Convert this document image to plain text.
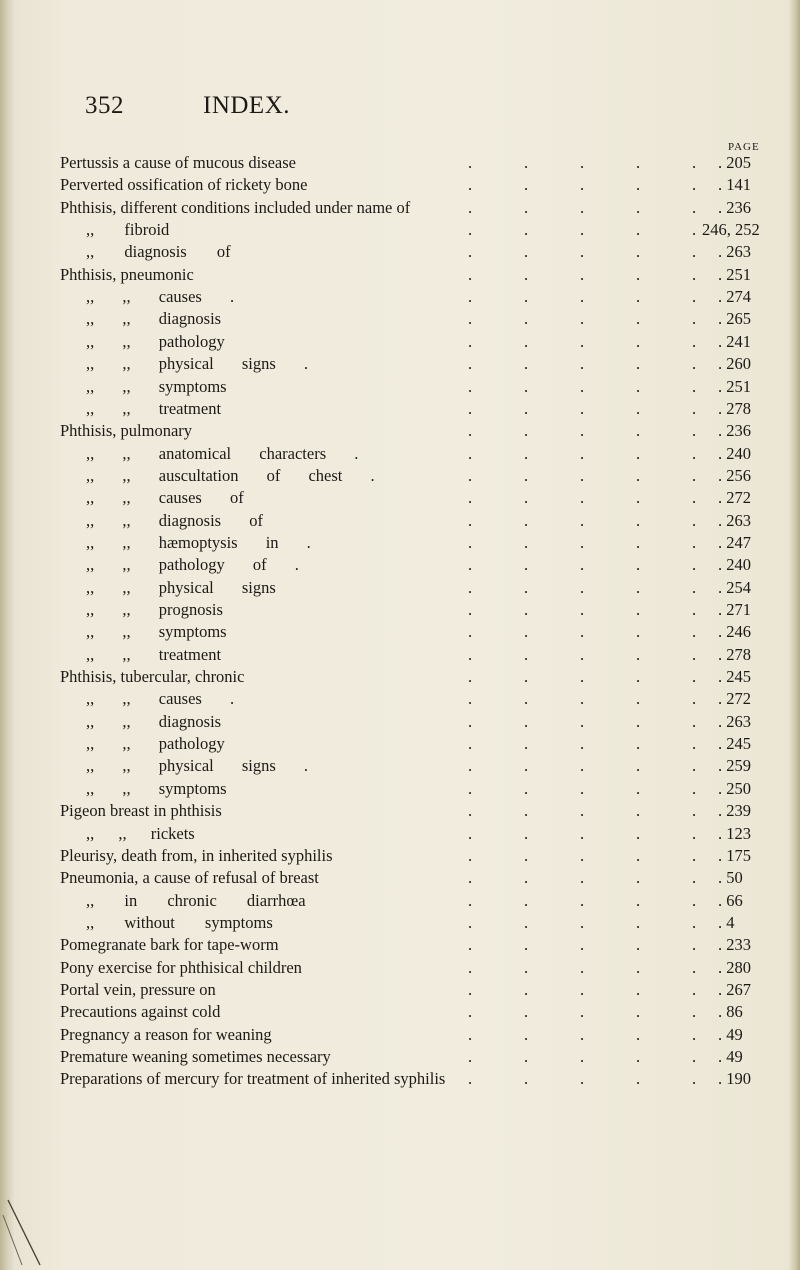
352	INDEX.
PAGE
Pertussis a cause of mucous disease	. 205
.	.	.	.	.
Perverted ossification of rickety bone	. 141
.	.	.	.	.
Phthisis, different conditions included under name of	. 236
.	.	.	.	.
,, fibroid	246, 252
.	.	.	.	.
,, diagnosis of	. 263
.	.	.	.	.
Phthisis, pneumonic	. 251
.	.	.	.	.
,, ,, causes .	. 274
.	.	.	.	.
,, ,, diagnosis	. 265
.	.	.	.	.
,, ,, pathology	. 241
.	.	.	.	.
,, ,, physical signs .	. 260
.	.	.	.	.
,, ,, symptoms	. 251
.	.	.	.	.
,, ,, treatment	. 278
.	.	.	.	.
Phthisis, pulmonary	. 236
.	.	.	.	.
,, ,, anatomical characters .	. 240
.	.	.	.	.
,, ,, auscultation of chest .	. 256
.	.	.	.	.
,, ,, causes of	. 272
.	.	.	.	.
,, ,, diagnosis of	. 263
.	.	.	.	.
,, ,, hæmoptysis in .	. 247
.	.	.	.	.
,, ,, pathology of .	. 240
.	.	.	.	.
,, ,, physical signs	. 254
.	.	.	.	.
,, ,, prognosis	. 271
.	.	.	.	.
,, ,, symptoms	. 246
.	.	.	.	.
,, ,, treatment	. 278
.	.	.	.	.
Phthisis, tubercular, chronic	. 245
.	.	.	.	.
,, ,, causes .	. 272
.	.	.	.	.
,, ,, diagnosis	. 263
.	.	.	.	.
,, ,, pathology	. 245
.	.	.	.	.
,, ,, physical signs .	. 259
.	.	.	.	.
,, ,, symptoms	. 250
.	.	.	.	.
Pigeon breast in phthisis	. 239
.	.	.	.	.
,, ,, rickets	. 123
.	.	.	.	.
Pleurisy, death from, in inherited syphilis	. 175
.	.	.	.	.
Pneumonia, a cause of refusal of breast	. 50
.	.	.	.	.
,, in chronic diarrhœa	. 66
.	.	.	.	.
,, without symptoms	. 4
.	.	.	.	.
Pomegranate bark for tape-worm	. 233
.	.	.	.	.
Pony exercise for phthisical children	. 280
.	.	.	.	.
Portal vein, pressure on	. 267
.	.	.	.	.
Precautions against cold	. 86
.	.	.	.	.
Pregnancy a reason for weaning	. 49
.	.	.	.	.
Premature weaning sometimes necessary	. 49
.	.	.	.	.
Preparations of mercury for treatment of inherited syphilis	. 190
.	.	.	.	.
